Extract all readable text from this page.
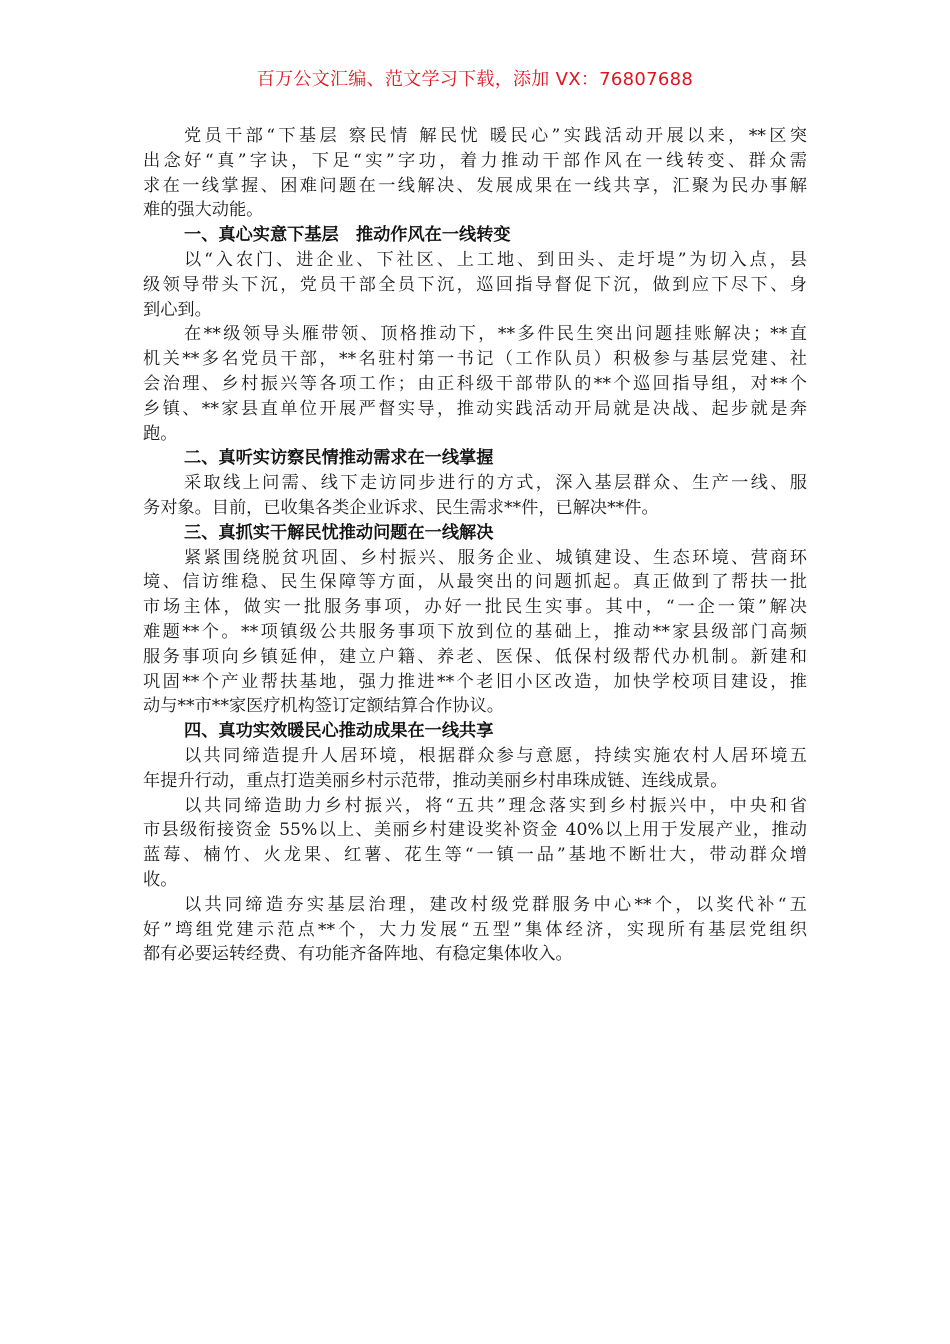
百万公文汇编、范文学习下载，添加 VX：76807688
党员干部“下基层 察民情 解民忧 暖民心”实践活动开展以来，**区突
出念好“真”字诀，下足“实”字功，着力推动干部作风在一线转变、群众需
求在一线掌握、困难问题在一线解决、发展成果在一线共享，汇聚为民办事解
难的强大动能。
一、真心实意下基层　推动作风在一线转变
以“入农门、进企业、下社区、上工地、到田头、走圩堤”为切入点，县
级领导带头下沉，党员干部全员下沉，巡回指导督促下沉，做到应下尽下、身
到心到。
在**级领导头雁带领、顶格推动下，**多件民生突出问题挂账解决；**直
机关**多名党员干部，**名驻村第一书记（工作队员）积极参与基层党建、社
会治理、乡村振兴等各项工作；由正科级干部带队的**个巡回指导组，对**个
乡镇、**家县直单位开展严督实导，推动实践活动开局就是决战、起步就是奔
跑。
二、真听实访察民情推动需求在一线掌握
采取线上问需、线下走访同步进行的方式，深入基层群众、生产一线、服
务对象。目前，已收集各类企业诉求、民生需求**件，已解决**件。
三、真抓实干解民忧推动问题在一线解决
紧紧围绕脱贫巩固、乡村振兴、服务企业、城镇建设、生态环境、营商环
境、信访维稳、民生保障等方面，从最突出的问题抓起。真正做到了帮扶一批
市场主体，做实一批服务事项，办好一批民生实事。其中，“一企一策”解决
难题**个。**项镇级公共服务事项下放到位的基础上，推动**家县级部门高频
服务事项向乡镇延伸，建立户籍、养老、医保、低保村级帮代办机制。新建和
巩固**个产业帮扶基地，强力推进**个老旧小区改造，加快学校项目建设，推
动与**市**家医疗机构签订定额结算合作协议。
四、真功实效暖民心推动成果在一线共享
以共同缔造提升人居环境，根据群众参与意愿，持续实施农村人居环境五
年提升行动，重点打造美丽乡村示范带，推动美丽乡村串珠成链、连线成景。
以共同缔造助力乡村振兴，将“五共”理念落实到乡村振兴中，中央和省
市县级衔接资金 55%以上、美丽乡村建设奖补资金 40%以上用于发展产业，推动
蓝莓、楠竹、火龙果、红薯、花生等“一镇一品”基地不断壮大，带动群众增
收。
以共同缔造夯实基层治理，建改村级党群服务中心**个，以奖代补“五
好”塆组党建示范点**个，大力发展“五型”集体经济，实现所有基层党组织
都有必要运转经费、有功能齐备阵地、有稳定集体收入。
